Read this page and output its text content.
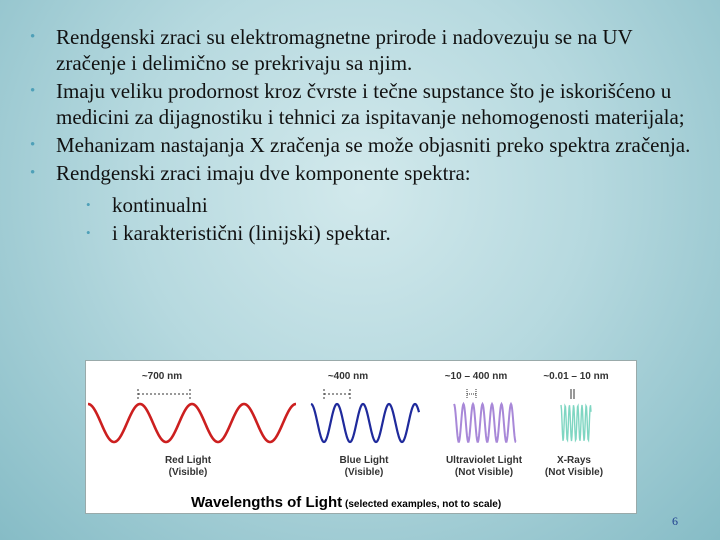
• Rendgenski zraci su elektromagnetne prirode i nadovezuju se na UV zračenje i delimično se prekrivaju sa njim.
• Imaju veliku prodornost kroz čvrste i tečne supstance što je iskorišćeno u medicini za dijagnostiku i tehnici za ispitavanje nehomogenosti materijala;
• Mehanizam nastajanja X zračenja se može objasniti preko spektra zračenja.
• Rendgenski zraci imaju dve komponente spektra:
• kontinualni
• i karakteristični (linijski) spektar.
~700 nm	~400 nm	~10 – 400 nm	~0.01 – 10 nm
Red Light
(Visible)
Blue Light
(Visible)
Ultraviolet Light
(Not Visible)
X-Rays
(Not Visible)
Wavelengths of Light (selected examples, not to scale)
6
